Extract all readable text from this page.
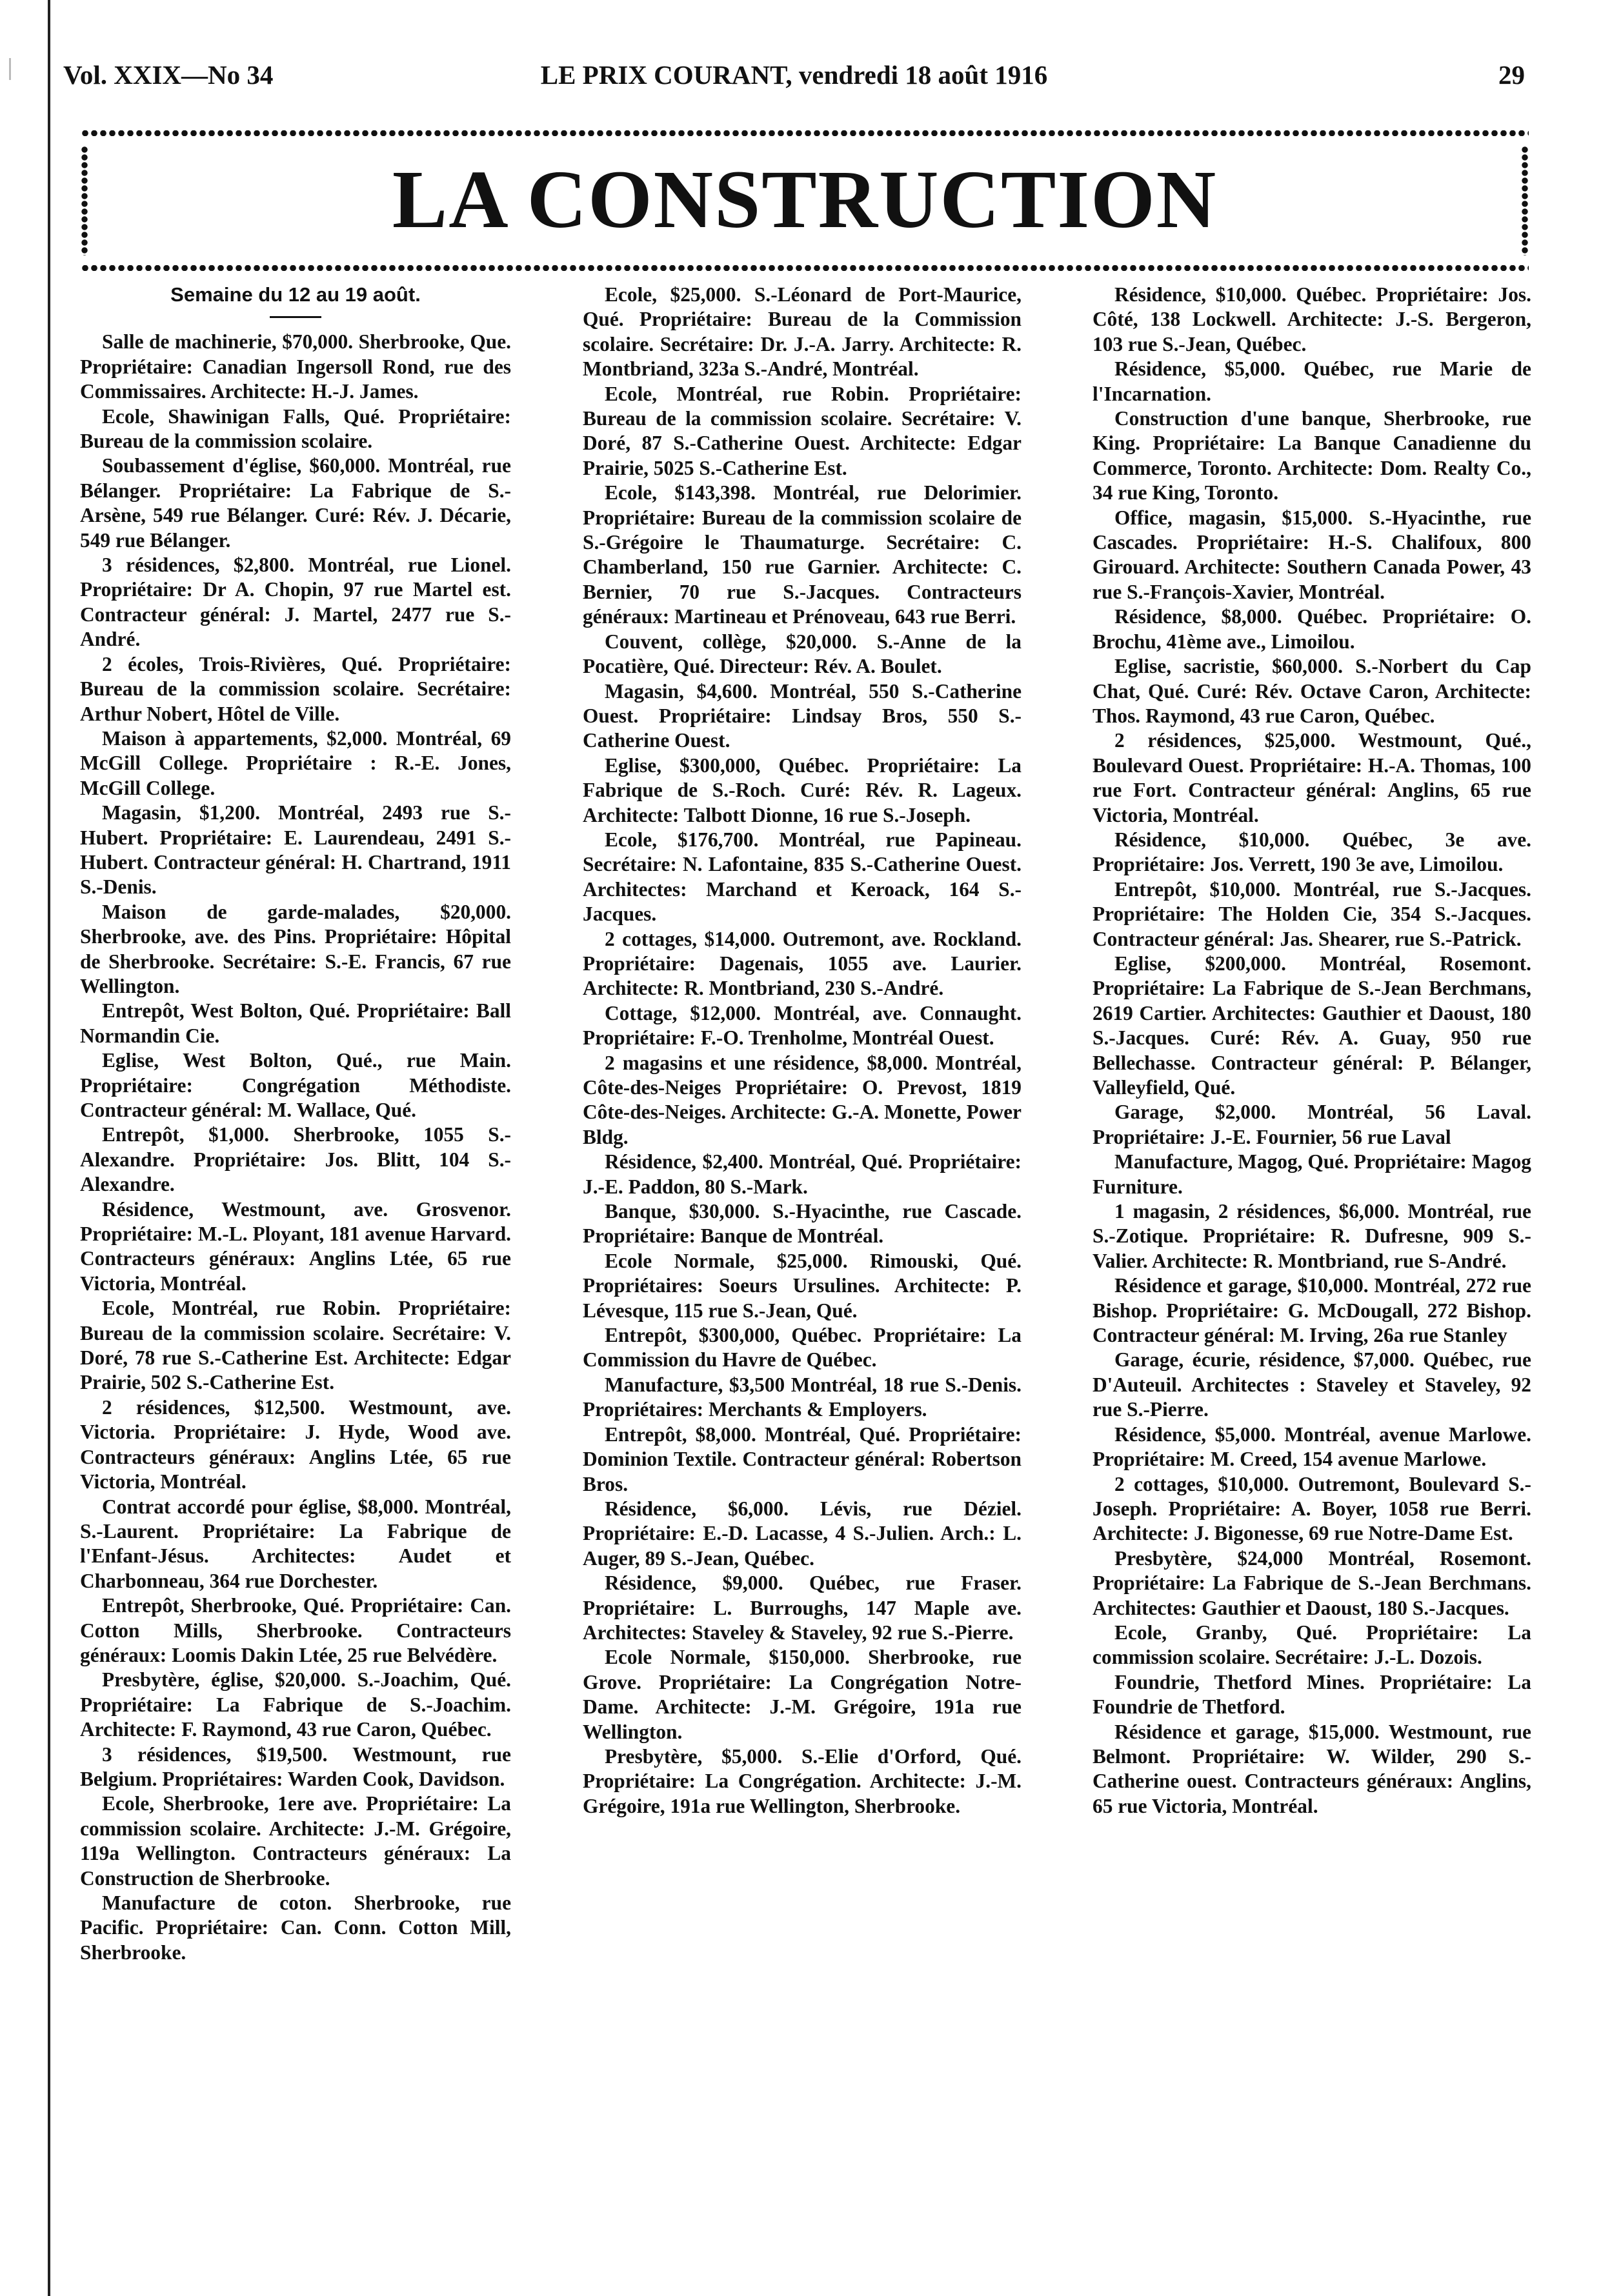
Vol. XXIX—No 34	LE PRIX COURANT, vendredi 18 août 1916	29
LA CONSTRUCTION
Semaine du 12 au 19 août.

Salle de machinerie, $70,000. Sherbrooke, Que. Propriétaire: Canadian Ingersoll Rond, rue des Commissaires. Architecte: H.-J. James.

Ecole, Shawinigan Falls, Qué. Propriétaire: Bureau de la commission scolaire.

Soubassement d'église, $60,000. Montréal, rue Bélanger. Propriétaire: La Fabrique de S.-Arsène, 549 rue Bélanger. Curé: Rév. J. Décarie, 549 rue Bélanger.

3 résidences, $2,800. Montréal, rue Lionel. Propriétaire: Dr A. Chopin, 97 rue Martel est. Contracteur général: J. Martel, 2477 rue S.-André.

2 écoles, Trois-Rivières, Qué. Propriétaire: Bureau de la commission scolaire. Secrétaire: Arthur Nobert, Hôtel de Ville.

Maison à appartements, $2,000. Montréal, 69 McGill College. Propriétaire : R.-E. Jones, McGill College.

Magasin, $1,200. Montréal, 2493 rue S.-Hubert. Propriétaire: E. Laurendeau, 2491 S.-Hubert. Contracteur général: H. Chartrand, 1911 S.-Denis.

Maison de garde-malades, $20,000. Sherbrooke, ave. des Pins. Propriétaire: Hôpital de Sherbrooke. Secrétaire: S.-E. Francis, 67 rue Wellington.

Entrepôt, West Bolton, Qué. Propriétaire: Ball Normandin Cie.

Eglise, West Bolton, Qué., rue Main. Propriétaire: Congrégation Méthodiste. Contracteur général: M. Wallace, Qué.

Entrepôt, $1,000. Sherbrooke, 1055 S.-Alexandre. Propriétaire: Jos. Blitt, 104 S.-Alexandre.

Résidence, Westmount, ave. Grosvenor. Propriétaire: M.-L. Ployant, 181 avenue Harvard. Contracteurs généraux: Anglins Ltée, 65 rue Victoria, Montréal.

Ecole, Montréal, rue Robin. Propriétaire: Bureau de la commission scolaire. Secrétaire: V. Doré, 78 rue S.-Catherine Est. Architecte: Edgar Prairie, 502 S.-Catherine Est.

2 résidences, $12,500. Westmount, ave. Victoria. Propriétaire: J. Hyde, Wood ave. Contracteurs généraux: Anglins Ltée, 65 rue Victoria, Montréal.

Contrat accordé pour église, $8,000. Montréal, S.-Laurent. Propriétaire: La Fabrique de l'Enfant-Jésus. Architectes: Audet et Charbonneau, 364 rue Dorchester.

Entrepôt, Sherbrooke, Qué. Propriétaire: Can. Cotton Mills, Sherbrooke. Contracteurs généraux: Loomis Dakin Ltée, 25 rue Belvédère.

Presbytère, église, $20,000. S.-Joachim, Qué. Propriétaire: La Fabrique de S.-Joachim. Architecte: F. Raymond, 43 rue Caron, Québec.

3 résidences, $19,500. Westmount, rue Belgium. Propriétaires: Warden Cook, Davidson.

Ecole, Sherbrooke, 1ere ave. Propriétaire: La commission scolaire. Architecte: J.-M. Grégoire, 119a Wellington. Contracteurs généraux: La Construction de Sherbrooke.

Manufacture de coton. Sherbrooke, rue Pacific. Propriétaire: Can. Conn. Cotton Mill, Sherbrooke.

Ecole, $25,000. S.-Léonard de Port-Maurice, Qué. Propriétaire: Bureau de la Commission scolaire. Secrétaire: Dr. J.-A. Jarry. Architecte: R. Montbriand, 323a S.-André, Montréal.

Ecole, Montréal, rue Robin. Propriétaire: Bureau de la commission scolaire. Secrétaire: V. Doré, 87 S.-Catherine Ouest. Architecte: Edgar Prairie, 5025 S.-Catherine Est.

Ecole, $143,398. Montréal, rue Delorimier. Propriétaire: Bureau de la commission scolaire de S.-Grégoire le Thaumaturge. Secrétaire: C. Chamberland, 150 rue Garnier. Architecte: C. Bernier, 70 rue S.-Jacques. Contracteurs généraux: Martineau et Prénoveau, 643 rue Berri.

Couvent, collège, $20,000. S.-Anne de la Pocatière, Qué. Directeur: Rév. A. Boulet.

Magasin, $4,600. Montréal, 550 S.-Catherine Ouest. Propriétaire: Lindsay Bros, 550 S.-Catherine Ouest.

Eglise, $300,000, Québec. Propriétaire: La Fabrique de S.-Roch. Curé: Rév. R. Lageux. Architecte: Talbott Dionne, 16 rue S.-Joseph.

Ecole, $176,700. Montréal, rue Papineau. Secrétaire: N. Lafontaine, 835 S.-Catherine Ouest. Architectes: Marchand et Keroack, 164 S.-Jacques.

2 cottages, $14,000. Outremont, ave. Rockland. Propriétaire: Dagenais, 1055 ave. Laurier. Architecte: R. Montbriand, 230 S.-André.

Cottage, $12,000. Montréal, ave. Connaught. Propriétaire: F.-O. Trenholme, Montréal Ouest.

2 magasins et une résidence, $8,000. Montréal, Côte-des-Neiges Propriétaire: O. Prevost, 1819 Côte-des-Neiges. Architecte: G.-A. Monette, Power Bldg.

Résidence, $2,400. Montréal, Qué. Propriétaire: J.-E. Paddon, 80 S.-Mark.

Banque, $30,000. S.-Hyacinthe, rue Cascade. Propriétaire: Banque de Montréal.

Ecole Normale, $25,000. Rimouski, Qué. Propriétaires: Soeurs Ursulines. Architecte: P. Lévesque, 115 rue S.-Jean, Qué.

Entrepôt, $300,000, Québec. Propriétaire: La Commission du Havre de Québec.

Manufacture, $3,500 Montréal, 18 rue S.-Denis. Propriétaires: Merchants & Employers.

Entrepôt, $8,000. Montréal, Qué. Propriétaire: Dominion Textile. Contracteur général: Robertson Bros.

Résidence, $6,000. Lévis, rue Déziel. Propriétaire: E.-D. Lacasse, 4 S.-Julien. Arch.: L. Auger, 89 S.-Jean, Québec.

Résidence, $9,000. Québec, rue Fraser. Propriétaire: L. Burroughs, 147 Maple ave. Architectes: Staveley & Staveley, 92 rue S.-Pierre.

Ecole Normale, $150,000. Sherbrooke, rue Grove. Propriétaire: La Congrégation Notre-Dame. Architecte: J.-M. Grégoire, 191a rue Wellington.

Presbytère, $5,000. S.-Elie d'Orford, Qué. Propriétaire: La Congrégation. Architecte: J.-M. Grégoire, 191a rue Wellington, Sherbrooke.

Résidence, $10,000. Québec. Propriétaire: Jos. Côté, 138 Lockwell. Architecte: J.-S. Bergeron, 103 rue S.-Jean, Québec.

Résidence, $5,000. Québec, rue Marie de l'Incarnation.

Construction d'une banque, Sherbrooke, rue King. Propriétaire: La Banque Canadienne du Commerce, Toronto. Architecte: Dom. Realty Co., 34 rue King, Toronto.

Office, magasin, $15,000. S.-Hyacinthe, rue Cascades. Propriétaire: H.-S. Chalifoux, 800 Girouard. Architecte: Southern Canada Power, 43 rue S.-François-Xavier, Montréal.

Résidence, $8,000. Québec. Propriétaire: O. Brochu, 41ème ave., Limoilou.

Eglise, sacristie, $60,000. S.-Norbert du Cap Chat, Qué. Curé: Rév. Octave Caron, Architecte: Thos. Raymond, 43 rue Caron, Québec.

2 résidences, $25,000. Westmount, Qué., Boulevard Ouest. Propriétaire: H.-A. Thomas, 100 rue Fort. Contracteur général: Anglins, 65 rue Victoria, Montréal.

Résidence, $10,000. Québec, 3e ave. Propriétaire: Jos. Verrett, 190 3e ave, Limoilou.

Entrepôt, $10,000. Montréal, rue S.-Jacques. Propriétaire: The Holden Cie, 354 S.-Jacques. Contracteur général: Jas. Shearer, rue S.-Patrick.

Eglise, $200,000. Montréal, Rosemont. Propriétaire: La Fabrique de S.-Jean Berchmans, 2619 Cartier. Architectes: Gauthier et Daoust, 180 S.-Jacques. Curé: Rév. A. Guay, 950 rue Bellechasse. Contracteur général: P. Bélanger, Valleyfield, Qué.

Garage, $2,000. Montréal, 56 Laval. Propriétaire: J.-E. Fournier, 56 rue Laval

Manufacture, Magog, Qué. Propriétaire: Magog Furniture.

1 magasin, 2 résidences, $6,000. Montréal, rue S.-Zotique. Propriétaire: R. Dufresne, 909 S.-Valier. Architecte: R. Montbriand, rue S-André.

Résidence et garage, $10,000. Montréal, 272 rue Bishop. Propriétaire: G. McDougall, 272 Bishop. Contracteur général: M. Irving, 26a rue Stanley

Garage, écurie, résidence, $7,000. Québec, rue D'Auteuil. Architectes : Staveley et Staveley, 92 rue S.-Pierre.

Résidence, $5,000. Montréal, avenue Marlowe. Propriétaire: M. Creed, 154 avenue Marlowe.

2 cottages, $10,000. Outremont, Boulevard S.-Joseph. Propriétaire: A. Boyer, 1058 rue Berri. Architecte: J. Bigonesse, 69 rue Notre-Dame Est.

Presbytère, $24,000 Montréal, Rosemont. Propriétaire: La Fabrique de S.-Jean Berchmans. Architectes: Gauthier et Daoust, 180 S.-Jacques.

Ecole, Granby, Qué. Propriétaire: La commission scolaire. Secrétaire: J.-L. Dozois.

Foundrie, Thetford Mines. Propriétaire: La Foundrie de Thetford.

Résidence et garage, $15,000. Westmount, rue Belmont. Propriétaire: W. Wilder, 290 S.-Catherine ouest. Contracteurs généraux: Anglins, 65 rue Victoria, Montréal.
